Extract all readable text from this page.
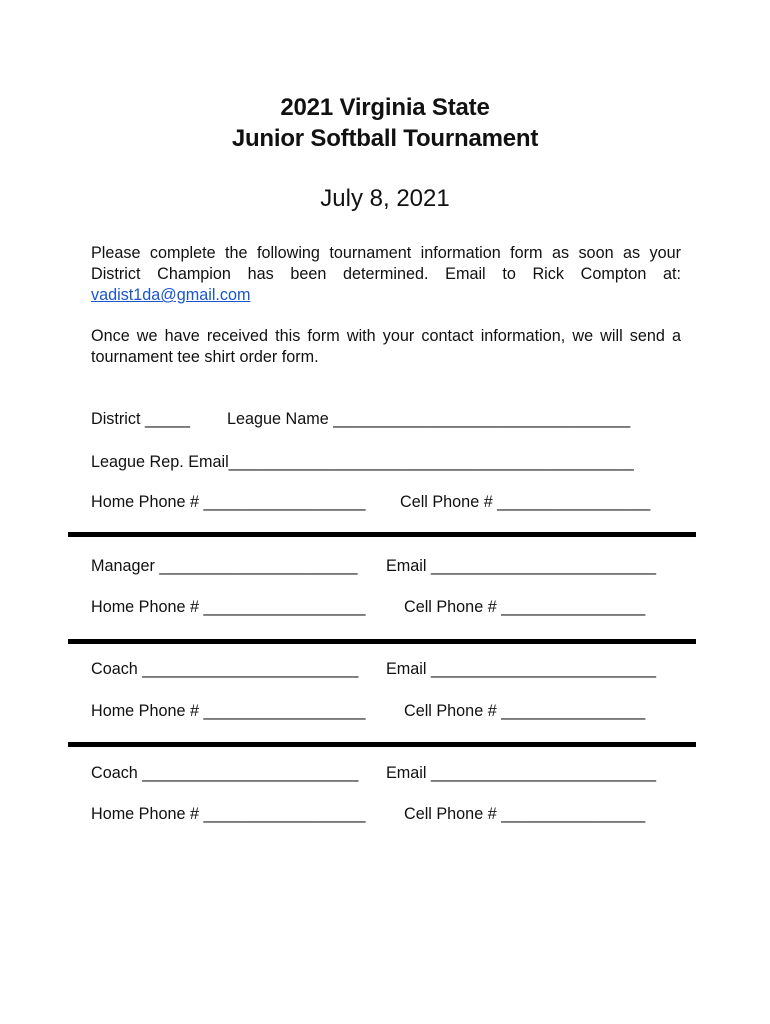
2021 Virginia State
Junior Softball Tournament
July 8, 2021
Please complete the following tournament information form as soon as your District Champion has been determined. Email to Rick Compton at: vadist1da@gmail.com
Once we have received this form with your contact information, we will send a tournament tee shirt order form.
District _____ League Name _________________________________
League Rep. Email_____________________________________________
Home Phone # __________________ Cell Phone # _________________
Manager ______________________ Email _________________________
Home Phone # __________________ Cell Phone # ________________
Coach ________________________ Email _________________________
Home Phone # __________________ Cell Phone # ________________
Coach ________________________ Email _________________________
Home Phone # __________________ Cell Phone # ________________
